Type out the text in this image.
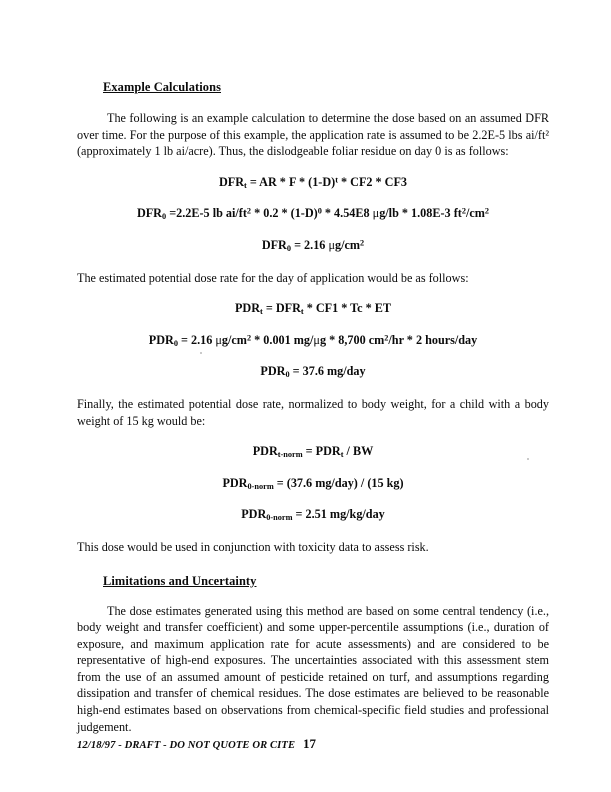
Example Calculations

The following is an example calculation to determine the dose based on an assumed DFR over time. For the purpose of this example, the application rate is assumed to be 2.2E-5 lbs ai/ft² (approximately 1 lb ai/acre). Thus, the dislodgeable foliar residue on day 0 is as follows:

$DFR_t$ = AR * F * $(1-D)^t * CF2 * CF3$
$DFR_0 =2.2E-5$ lb $ai/ft^2 * 0.2 * (1-D)^0 * 4.54E8$ μg/lb * 1.08E-3 $ft^2/cm^2$
$DFR_0 = 2.16$ $\mu g/cm^2$

The estimated potential dose rate for the day of application would be as follows:

$PDR_t = DFR_t * CF1 * Tc$ * ET
$PDR_0 = 2.16$ $\mu g/cm^2 * 0.001$ mg/μg * 8,700 $cm^2/hr * 2$ hours/day
$PDR_0 = 37.6$ mg/day

Finally, the estimated potential dose rate, normalized to body weight, for a child with a body weight of 15 kg would be:

$PDR_{t-norm} = PDR_t$ / BW
$PDR_{0-norm} = (37.6$ mg/day) / (15 kg)
$PDR_{0-norm} = 2.51$ mg/kg/day

This dose would be used in conjunction with toxicity data to assess risk.

Limitations and Uncertainty

The dose estimates generated using this method are based on some central tendency (i.e., body weight and transfer coefficient) and some upper-percentile assumptions (i.e., duration of exposure, and maximum application rate for acute assessments) and are considered to be representative of high-end exposures. The uncertainties associated with this assessment stem from the use of an assumed amount of pesticide retained on turf, and assumptions regarding dissipation and transfer of chemical residues. The dose estimates are believed to be reasonable high-end estimates based on observations from chemical-specific field studies and professional judgement.

12/18/97 - DRAFT - DO NOT QUOTE OR CITE 17
